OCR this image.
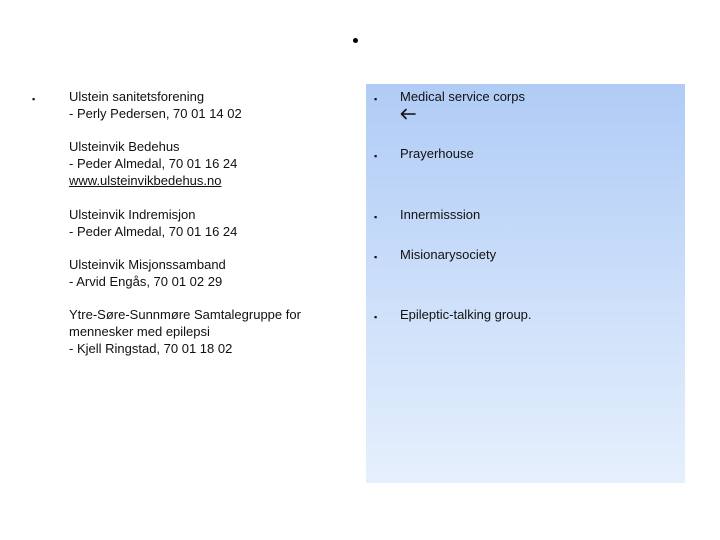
▪	Ulstein sanitetsforening
- Perly Pedersen, 70 01 14 02
Ulsteinvik Bedehus
- Peder Almedal, 70 01 16 24
www.ulsteinvikbedehus.no
Ulsteinvik Indremisjon
- Peder Almedal, 70 01 16 24
Ulsteinvik Misjonssamband
- Arvid Engås, 70 01 02 29
Ytre-Søre-Sunnmøre Samtalegruppe for
mennesker med epilepsi
- Kjell Ringstad, 70 01 18 02
▪ Medical service corps
▪ Prayerhouse
▪ Innermisssion
▪ Misionarysociety
▪ Epileptic-talking group.
